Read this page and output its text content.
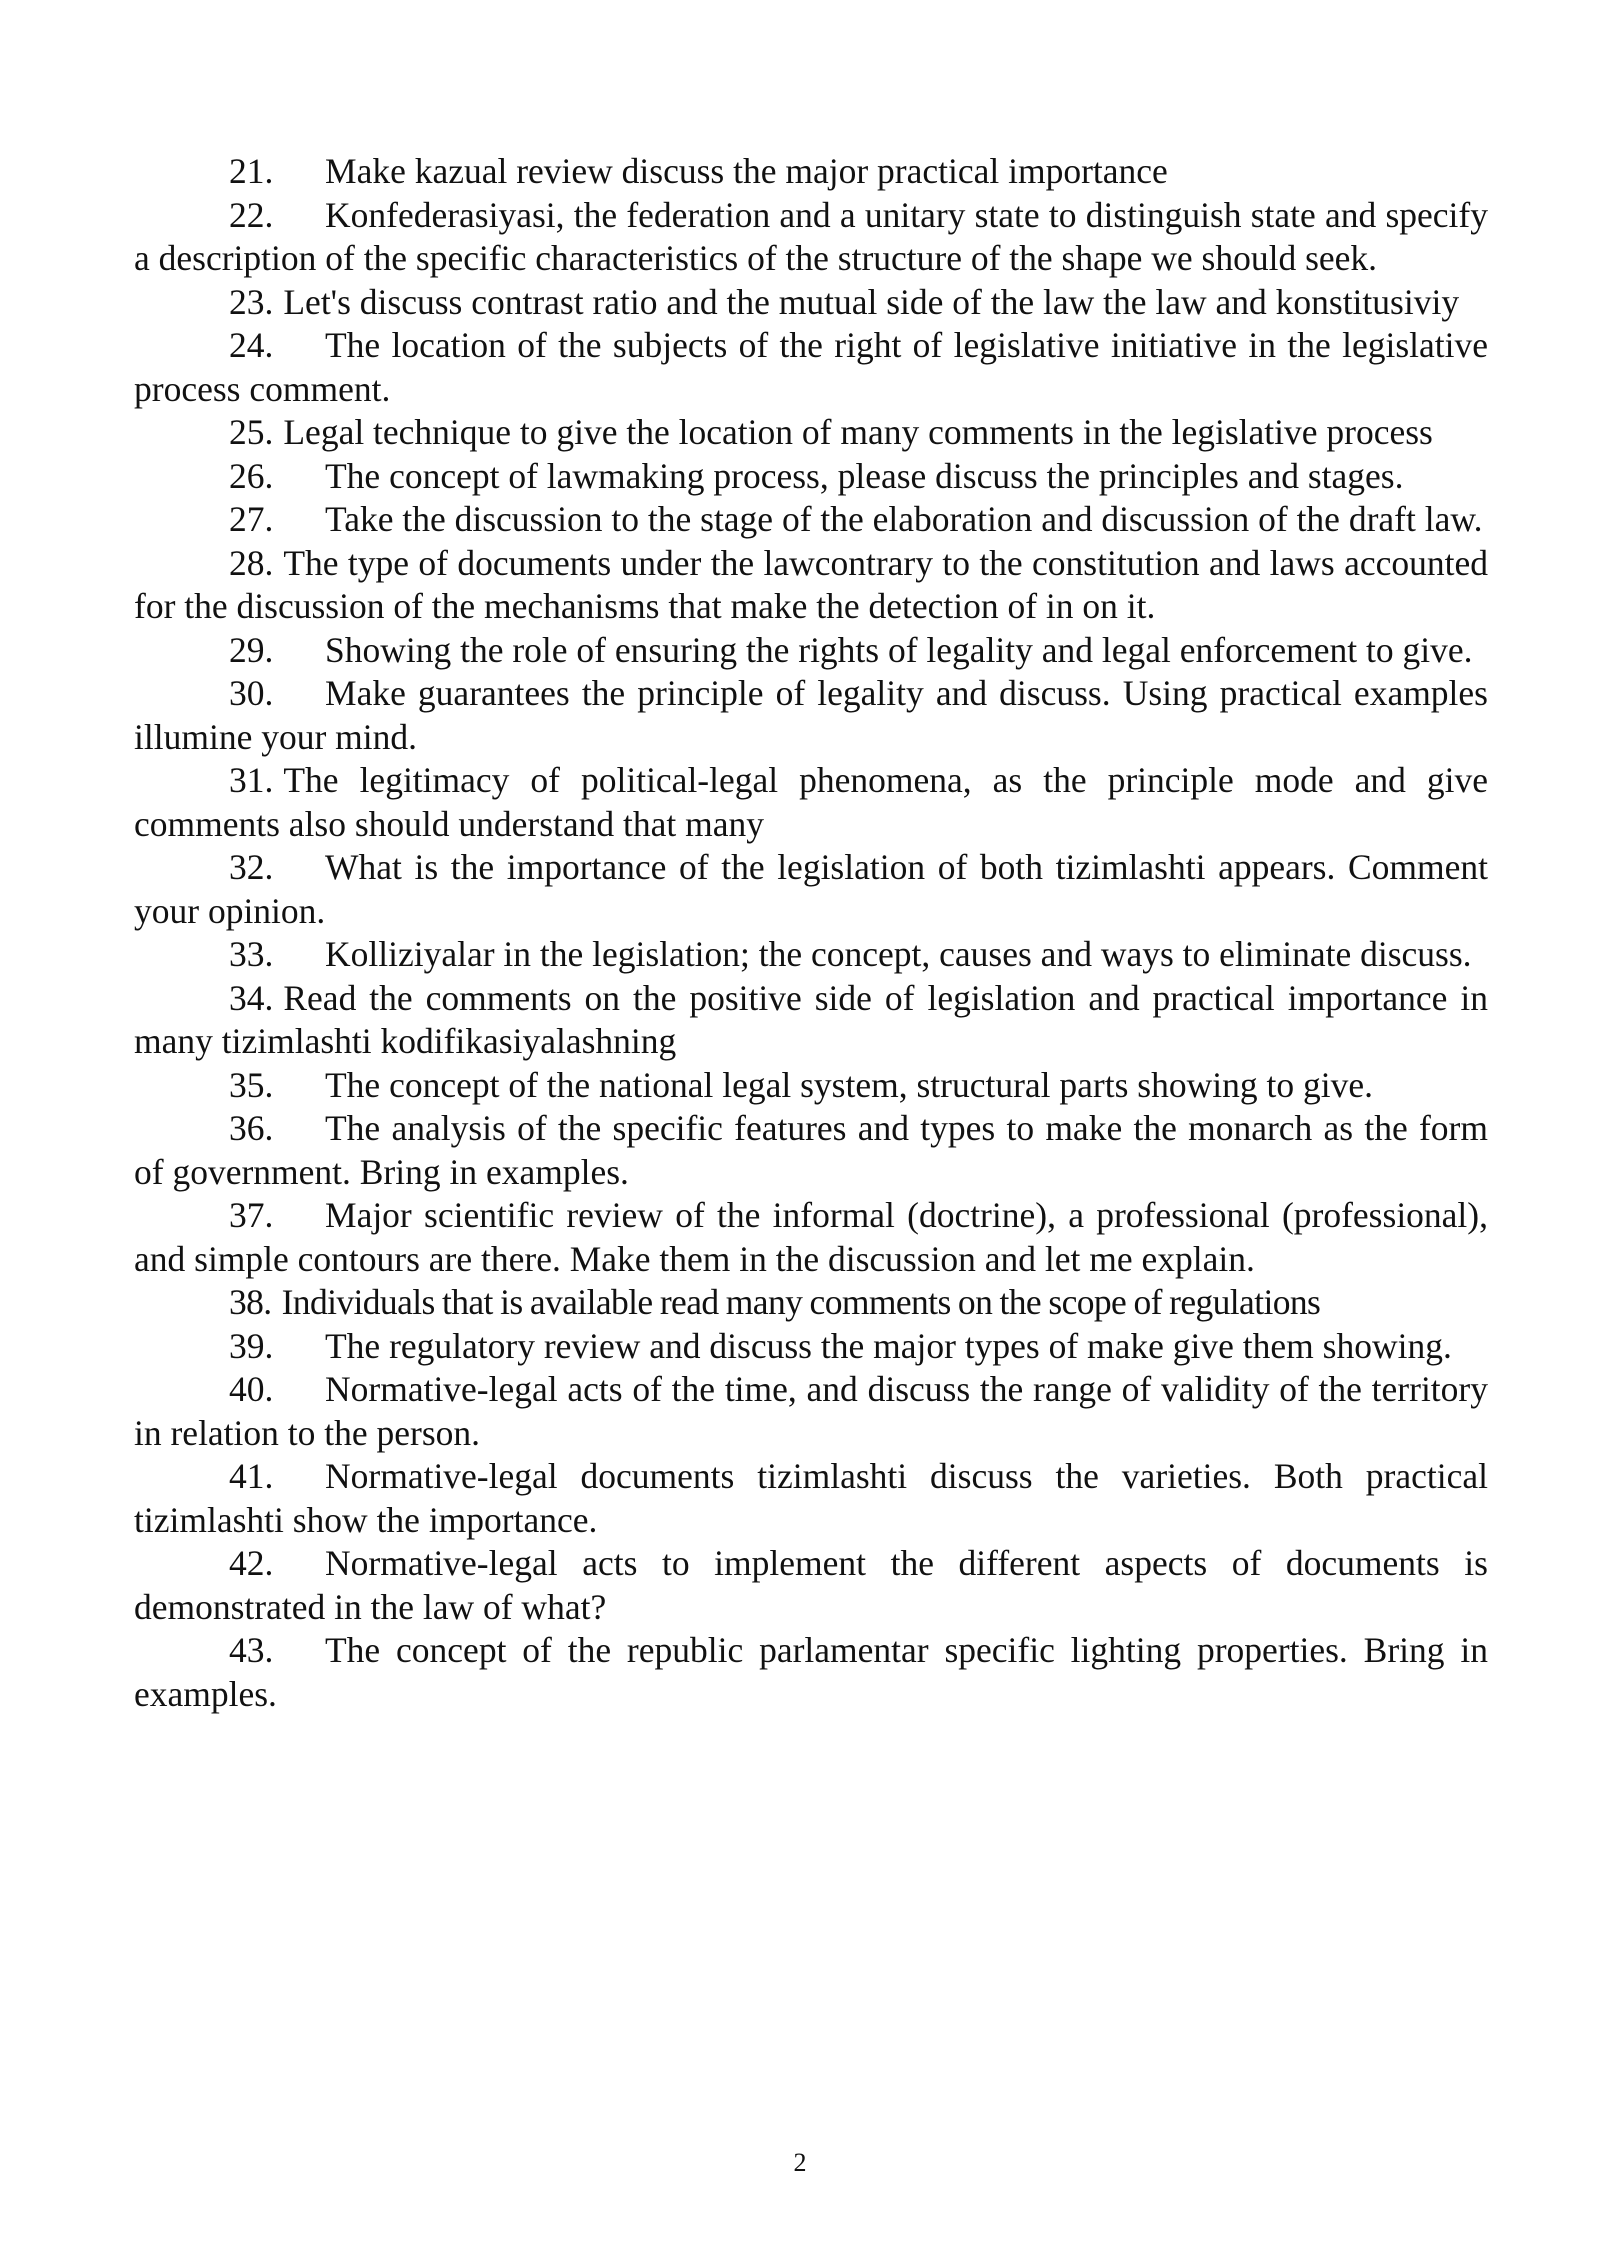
21. Make kazual review discuss the major practical importance

22. Konfederasiyasi, the federation and a unitary state to distinguish state and specify a description of the specific characteristics of the structure of the shape we should seek.

23. Let's discuss contrast ratio and the mutual side of the law the law and konstitusiviy

24. The location of the subjects of the right of legislative initiative in the legislative process comment.

25. Legal technique to give the location of many comments in the legislative process

26. The concept of lawmaking process, please discuss the principles and stages.

27. Take the discussion to the stage of the elaboration and discussion of the draft law.

28. The type of documents under the lawcontrary to the constitution and laws accounted for the discussion of the mechanisms that make the detection of in on it.

29. Showing the role of ensuring the rights of legality and legal enforcement to give.

30. Make guarantees the principle of legality and discuss. Using practical examples illumine your mind.

31. The legitimacy of political-legal phenomena, as the principle mode and give comments also should understand that many

32. What is the importance of the legislation of both tizimlashti appears. Comment your opinion.

33. Kolliziyalar in the legislation; the concept, causes and ways to eliminate discuss.

34. Read the comments on the positive side of legislation and practical importance in many tizimlashti kodifikasiyalashning

35. The concept of the national legal system, structural parts showing to give.

36. The analysis of the specific features and types to make the monarch as the form of government. Bring in examples.

37. Major scientific review of the informal (doctrine), a professional (professional), and simple contours are there. Make them in the discussion and let me explain.

38. Individuals that is available read many comments on the scope of regulations

39. The regulatory review and discuss the major types of make give them showing.

40. Normative-legal acts of the time, and discuss the range of validity of the territory in relation to the person.

41. Normative-legal documents tizimlashti discuss the varieties. Both practical tizimlashti show the importance.

42. Normative-legal acts to implement the different aspects of documents is demonstrated in the law of what?

43. The concept of the republic parlamentar specific lighting properties. Bring in examples.

2
